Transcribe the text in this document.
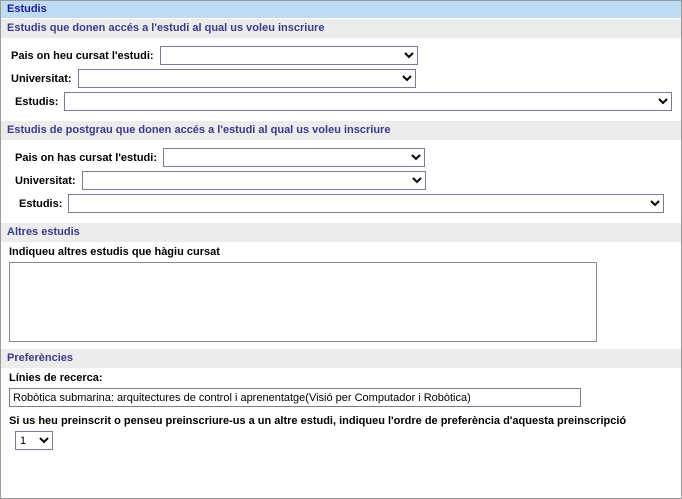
Estudis
Estudis que donen accés a l'estudi al qual us voleu inscriure
Pais on heu cursat l'estudi:
Universitat:
Estudis:
Estudis de postgrau que donen accés a l'estudi al qual us voleu inscriure
Pais on has cursat l'estudi:
Universitat:
Estudis:
Altres estudis
Indiqueu altres estudis que hàgiu cursat
Preferències
Línies de recerca:
Robòtica submarina: arquitectures de control i aprenentatge(Visió per Computador i Robòtica)
Si us heu preinscrit o penseu preinscriure-us a un altre estudi, indiqueu l'ordre de preferència d'aquesta preinscripció
1
